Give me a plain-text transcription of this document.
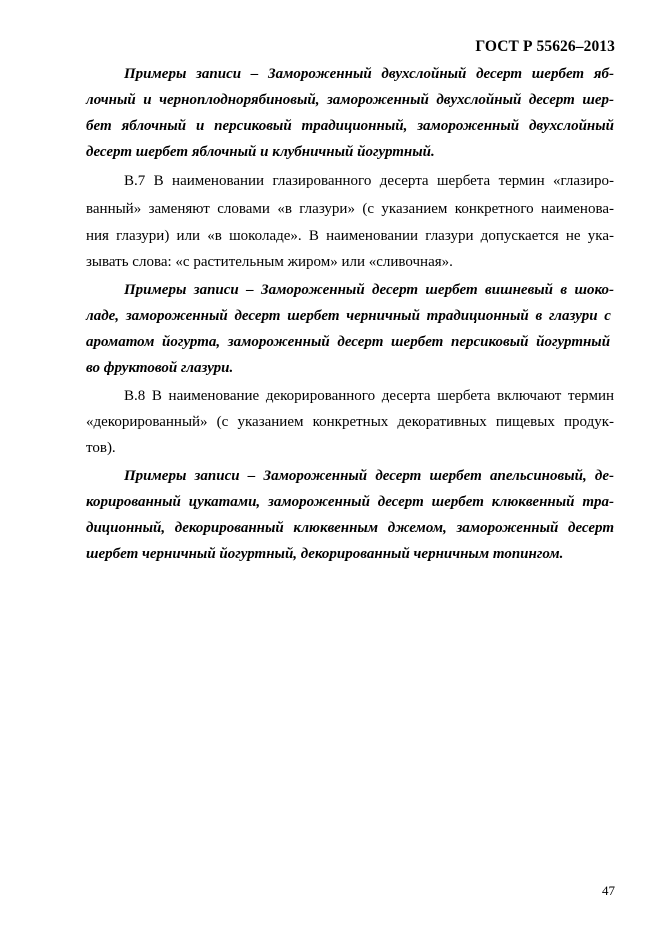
ГОСТ Р 55626–2013
Примеры записи – Замороженный двухслойный десерт шербет яб-
лочный и черноплоднорябиновый, замороженный двухслойный десерт шер-
бет яблочный и персиковый традиционный, замороженный двухслойный
десерт шербет яблочный и клубничный йогуртный.
В.7 В наименовании глазированного десерта шербета термин «глазиро-
ванный» заменяют словами «в глазури» (с указанием конкретного наименова-
ния глазури) или «в шоколаде». В наименовании глазури допускается не ука-
зывать слова: «с растительным жиром» или «сливочная».
Примеры записи – Замороженный десерт шербет вишневый в шоко-
ладе, замороженный десерт шербет черничный традиционный в глазури с
ароматом йогурта, замороженный десерт шербет персиковый йогуртный
во фруктовой глазури.
В.8 В наименование декорированного десерта шербета включают термин
«декорированный» (с указанием конкретных декоративных пищевых продук-
тов).
Примеры записи – Замороженный десерт шербет апельсиновый, де-
корированный цукатами, замороженный десерт шербет клюквенный тра-
диционный, декорированный клюквенным джемом, замороженный десерт
шербет черничный йогуртный, декорированный черничным топингом.
47
